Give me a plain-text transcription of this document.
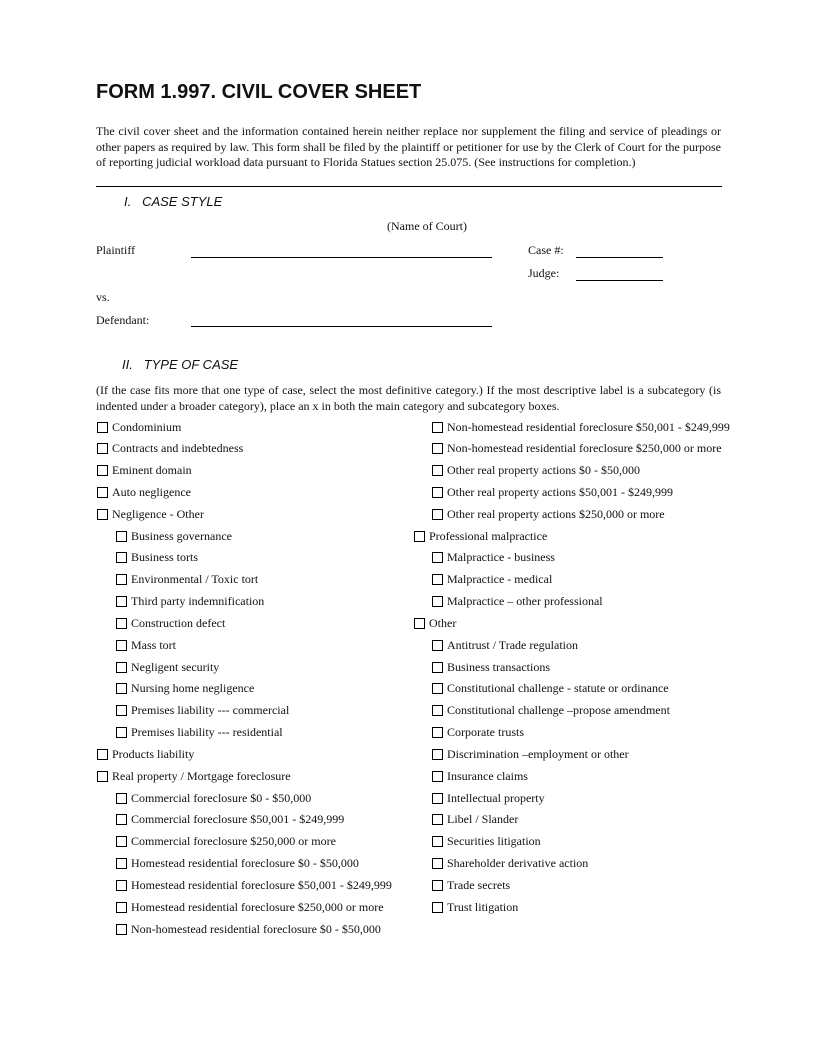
FORM 1.997. CIVIL COVER SHEET
The civil cover sheet and the information contained herein neither replace nor supplement the filing and service of pleadings or other papers as required by law. This form shall be filed by the plaintiff or petitioner for use by the Clerk of Court for the purpose of reporting judicial workload data pursuant to Florida Statues section 25.075. (See instructions for completion.)
I. CASE STYLE
(Name of Court)
Plaintiff	Case #:
Judge:
vs.
Defendant:
II. TYPE OF CASE
(If the case fits more that one type of case, select the most definitive category.) If the most descriptive label is a subcategory (is indented under a broader category), place an x in both the main category and subcategory boxes.
Condominium
Contracts and indebtedness
Eminent domain
Auto negligence
Negligence - Other
Business governance
Business torts
Environmental / Toxic tort
Third party indemnification
Construction defect
Mass tort
Negligent security
Nursing home negligence
Premises liability --- commercial
Premises liability --- residential
Products liability
Real property / Mortgage foreclosure
Commercial foreclosure $0 - $50,000
Commercial foreclosure $50,001 - $249,999
Commercial foreclosure $250,000 or more
Homestead residential foreclosure $0 - $50,000
Homestead residential foreclosure $50,001 - $249,999
Homestead residential foreclosure $250,000 or more
Non-homestead residential foreclosure $0 - $50,000
Non-homestead residential foreclosure $50,001 - $249,999
Non-homestead residential foreclosure $250,000 or more
Other real property actions $0 - $50,000
Other real property actions $50,001 - $249,999
Other real property actions $250,000 or more
Professional malpractice
Malpractice - business
Malpractice - medical
Malpractice – other professional
Other
Antitrust / Trade regulation
Business transactions
Constitutional challenge - statute or ordinance
Constitutional challenge –propose amendment
Corporate trusts
Discrimination –employment or other
Insurance claims
Intellectual property
Libel / Slander
Securities litigation
Shareholder derivative action
Trade secrets
Trust litigation
